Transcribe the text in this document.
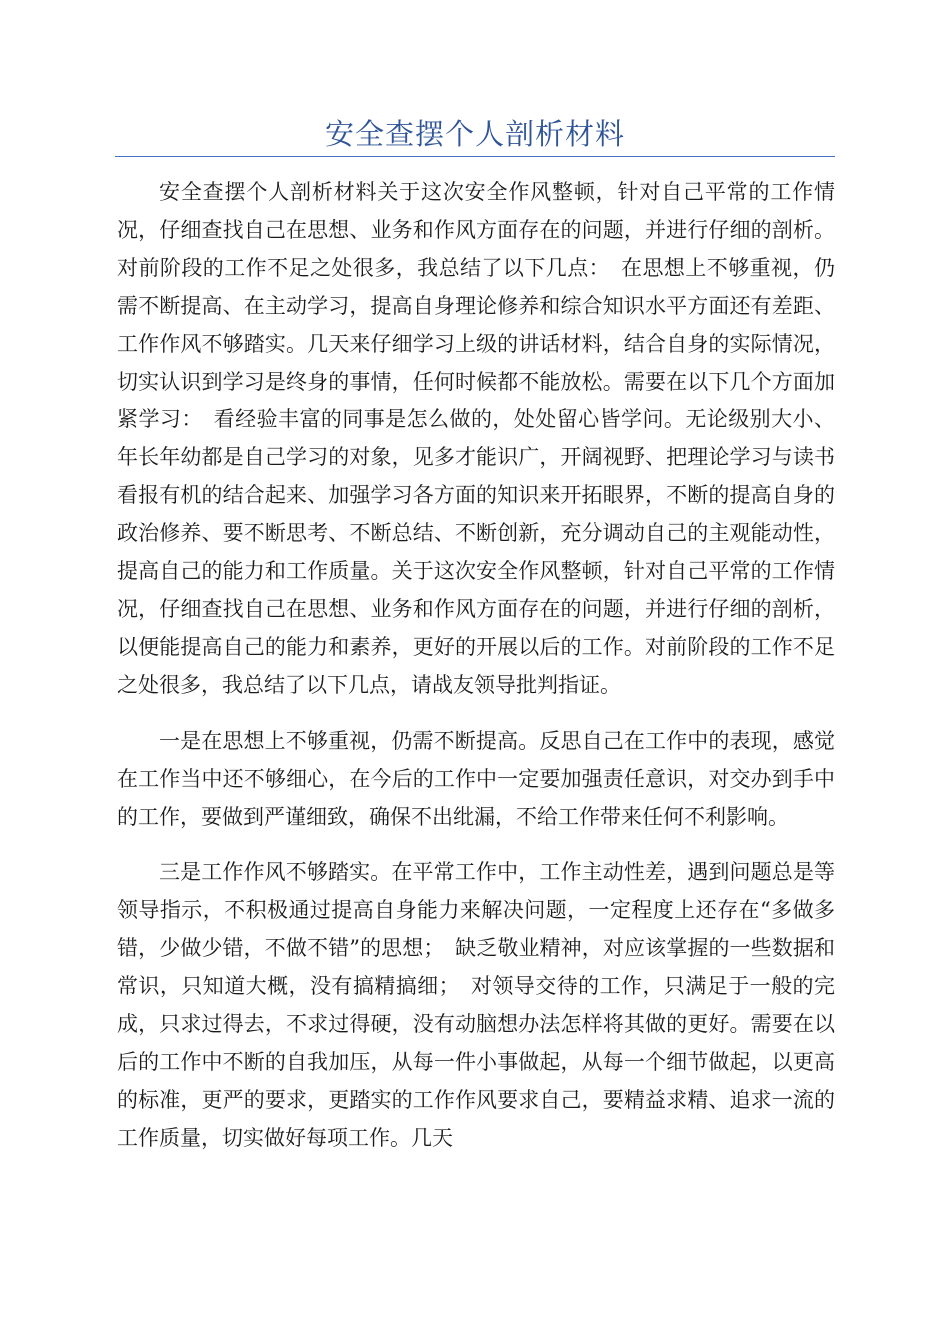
安全查摆个人剖析材料

安全查摆个人剖析材料关于这次安全作风整顿，针对自己平常的工作情况，仔细查找自己在思想、业务和作风方面存在的问题，并进行仔细的剖析。对前阶段的工作不足之处很多，我总结了以下几点：　在思想上不够重视，仍需不断提高、在主动学习，提高自身理论修养和综合知识水平方面还有差距、工作作风不够踏实。几天来仔细学习上级的讲话材料，结合自身的实际情况，切实认识到学习是终身的事情，任何时候都不能放松。需要在以下几个方面加紧学习：　看经验丰富的同事是怎么做的，处处留心皆学问。无论级别大小、年长年幼都是自己学习的对象，见多才能识广，开阔视野、把理论学习与读书看报有机的结合起来、加强学习各方面的知识来开拓眼界，不断的提高自身的政治修养、要不断思考、不断总结、不断创新，充分调动自己的主观能动性，提高自己的能力和工作质量。关于这次安全作风整顿，针对自己平常的工作情况，仔细查找自己在思想、业务和作风方面存在的问题，并进行仔细的剖析，以便能提高自己的能力和素养，更好的开展以后的工作。对前阶段的工作不足之处很多，我总结了以下几点，请战友领导批判指证。

一是在思想上不够重视，仍需不断提高。反思自己在工作中的表现，感觉在工作当中还不够细心，在今后的工作中一定要加强责任意识，对交办到手中的工作，要做到严谨细致，确保不出纰漏，不给工作带来任何不利影响。

三是工作作风不够踏实。在平常工作中，工作主动性差，遇到问题总是等领导指示，不积极通过提高自身能力来解决问题，一定程度上还存在“多做多错，少做少错，不做不错”的思想；　缺乏敬业精神，对应该掌握的一些数据和常识，只知道大概，没有搞精搞细；　对领导交待的工作，只满足于一般的完成，只求过得去，不求过得硬，没有动脑想办法怎样将其做的更好。需要在以后的工作中不断的自我加压，从每一件小事做起，从每一个细节做起，以更高的标准，更严的要求，更踏实的工作作风要求自己，要精益求精、追求一流的工作质量，切实做好每项工作。几天
